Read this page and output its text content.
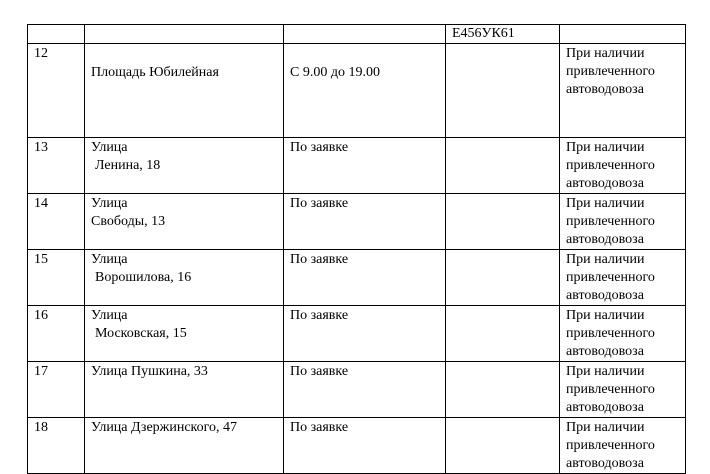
			Е456УК61	
12	Площадь Юбилейная	С 9.00 до 19.00		При наличии
привлеченного
автоводовоза

13	Улица
Ленина, 18	По заявке		При наличии
привлеченного
автоводовоза

14	Улица
Свободы, 13	По заявке		При наличии
привлеченного
автоводовоза

15	Улица
Ворошилова, 16	По заявке		При наличии
привлеченного
автоводовоза

16	Улица
Московская, 15	По заявке		При наличии
привлеченного
автоводовоза

17	Улица Пушкина, 33	По заявке		При наличии
привлеченного
автоводовоза

18	Улица Дзержинского, 47	По заявке		При наличии
привлеченного
автоводовоза
